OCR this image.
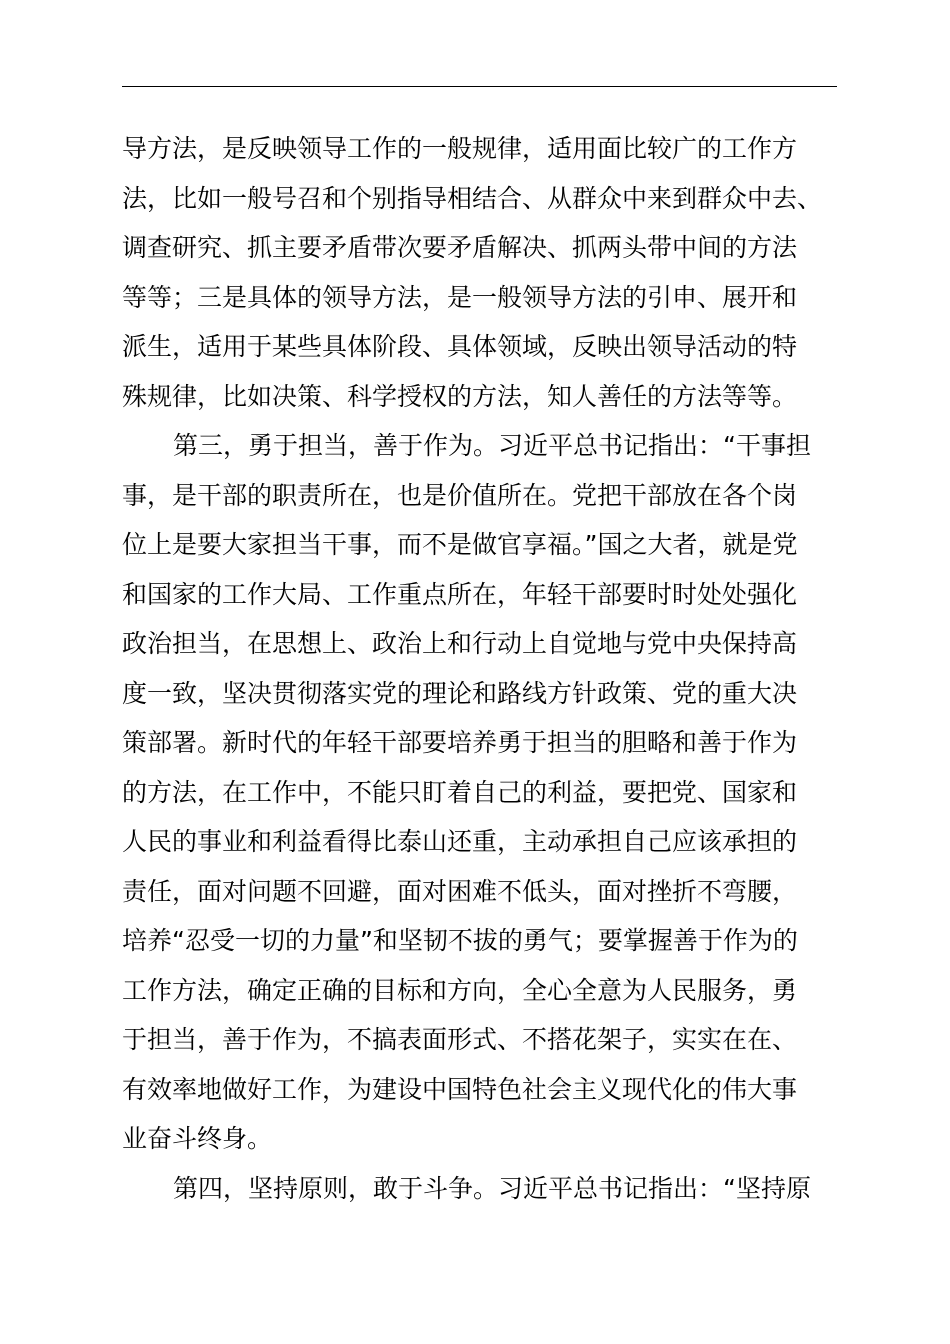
导方法，是反映领导工作的一般规律，适用面比较广的工作方
法，比如一般号召和个别指导相结合、从群众中来到群众中去、
调查研究、抓主要矛盾带次要矛盾解决、抓两头带中间的方法
等等；三是具体的领导方法，是一般领导方法的引申、展开和
派生，适用于某些具体阶段、具体领域，反映出领导活动的特
殊规律，比如决策、科学授权的方法，知人善任的方法等等。
第三，勇于担当，善于作为。习近平总书记指出：“干事担
事，是干部的职责所在，也是价值所在。党把干部放在各个岗
位上是要大家担当干事，而不是做官享福。”国之大者，就是党
和国家的工作大局、工作重点所在，年轻干部要时时处处强化
政治担当，在思想上、政治上和行动上自觉地与党中央保持高
度一致，坚决贯彻落实党的理论和路线方针政策、党的重大决
策部署。新时代的年轻干部要培养勇于担当的胆略和善于作为
的方法，在工作中，不能只盯着自己的利益，要把党、国家和
人民的事业和利益看得比泰山还重，主动承担自己应该承担的
责任，面对问题不回避，面对困难不低头，面对挫折不弯腰，
培养“忍受一切的力量”和坚韧不拔的勇气；要掌握善于作为的
工作方法，确定正确的目标和方向，全心全意为人民服务，勇
于担当，善于作为，不搞表面形式、不搭花架子，实实在在、
有效率地做好工作，为建设中国特色社会主义现代化的伟大事
业奋斗终身。
第四，坚持原则，敢于斗争。习近平总书记指出：“坚持原
